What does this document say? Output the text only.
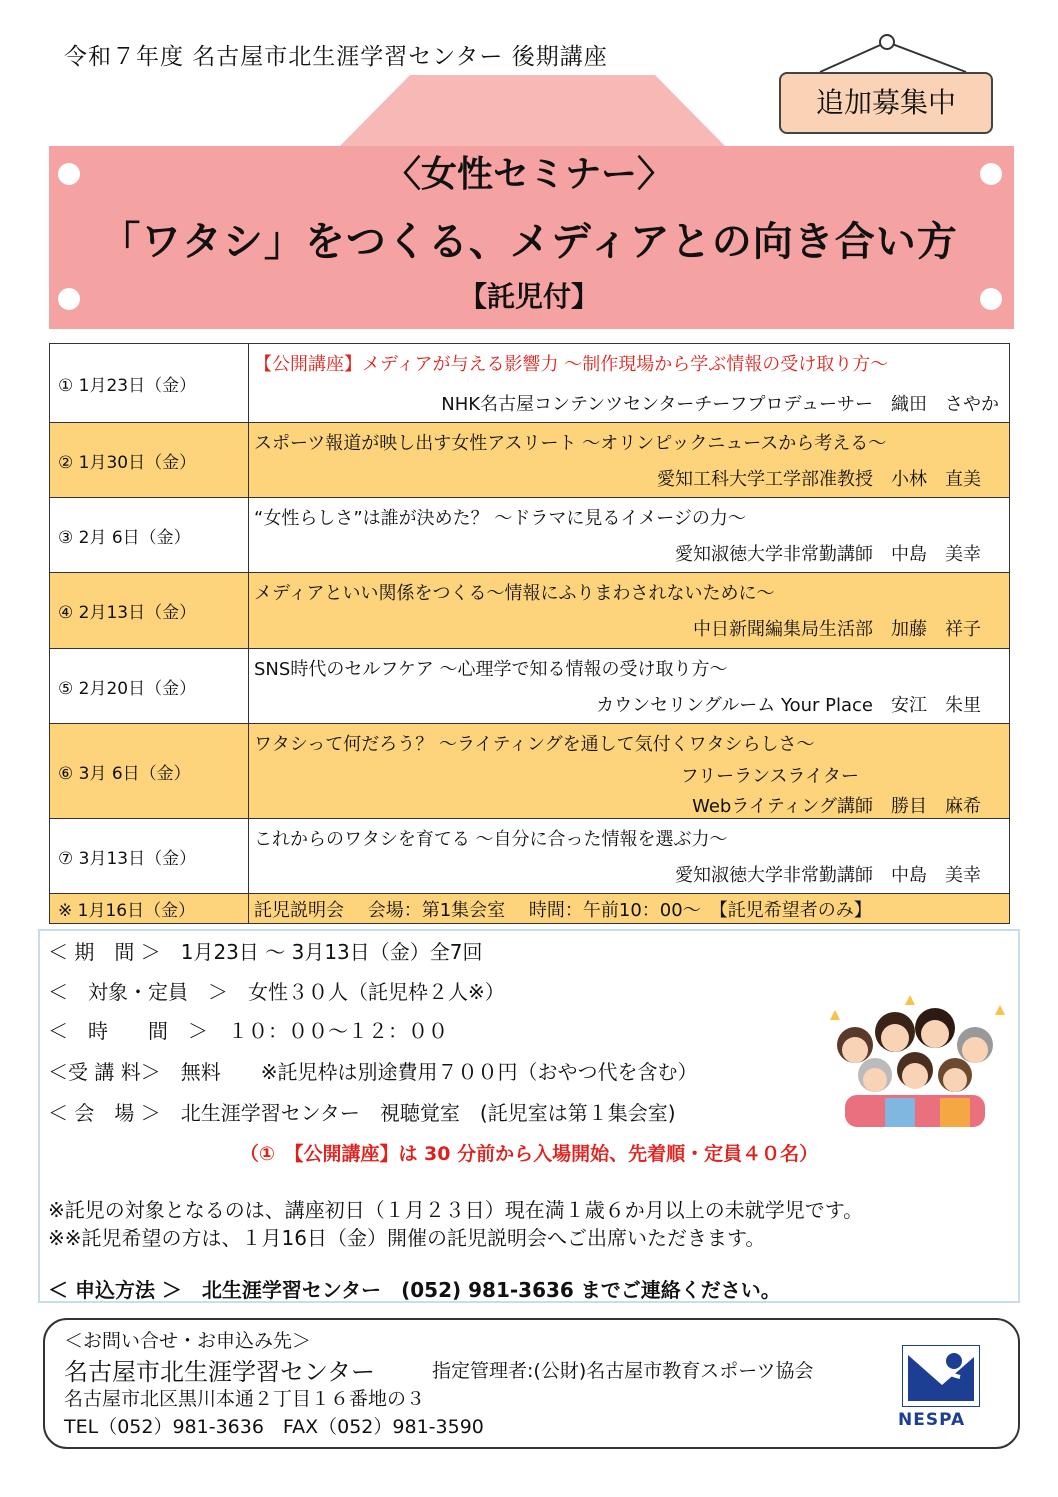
令和７年度 名古屋市北生涯学習センター 後期講座
追加募集中
〈女性セミナー〉
「ワタシ」をつくる、メディアとの向き合い方
【託児付】
① 1月23日（金）	【公開講座】メディアが与える影響力 ～制作現場から学ぶ情報の受け取り方～
NHK名古屋コンテンツセンターチーフプロデューサー　織田　さやか

② 1月30日（金）	スポーツ報道が映し出す女性アスリート ～オリンピックニュースから考える～
愛知工科大学工学部准教授　小林　直美

③ 2月 6日（金）	“女性らしさ”は誰が決めた？ ～ドラマに見るイメージの力～
愛知淑徳大学非常勤講師　中島　美幸

④ 2月13日（金）	メディアといい関係をつくる～情報にふりまわされないために～
中日新聞編集局生活部　加藤　祥子

⑤ 2月20日（金）	SNS時代のセルフケア ～心理学で知る情報の受け取り方～
カウンセリングルーム Your Place　安江　朱里

⑥ 3月 6日（金）	ワタシって何だろう？ ～ライティングを通して気付くワタシらしさ～
フリーランスライター
Webライティング講師　勝目　麻希

⑦ 3月13日（金）	これからのワタシを育てる ～自分に合った情報を選ぶ力～
愛知淑徳大学非常勤講師　中島　美幸

※ 1月16日（金）	託児説明会　 会場：第1集会室　 時間：午前10：00～　【託児希望者のみ】
＜ 期　間 ＞　1月23日 ～ 3月13日（金）全7回
＜　対象・定員　＞　女性３０人（託児枠２人※）
＜　時　　間　＞　１０：００～１２：００
＜受 講 料＞　無料　　※託児枠は別途費用７００円（おやつ代を含む）
＜ 会　場 ＞　北生涯学習センター　視聴覚室　(託児室は第１集会室)
（①　【公開講座】は 30 分前から入場開始、先着順・定員４０名）
※託児の対象となるのは、講座初日（１月２３日）現在満１歳６か月以上の未就学児です。
※※託児希望の方は、１月16日（金）開催の託児説明会へご出席いただきます。
＜ 申込方法 ＞　北生涯学習センター　(052) 981-3636 までご連絡ください。
＜お問い合せ・お申込み先＞
名古屋市北生涯学習センター	指定管理者:(公財)名古屋市教育スポーツ協会
名古屋市北区黒川本通２丁目１６番地の３
TEL（052）981-3636　FAX（052）981-3590	NESPA
